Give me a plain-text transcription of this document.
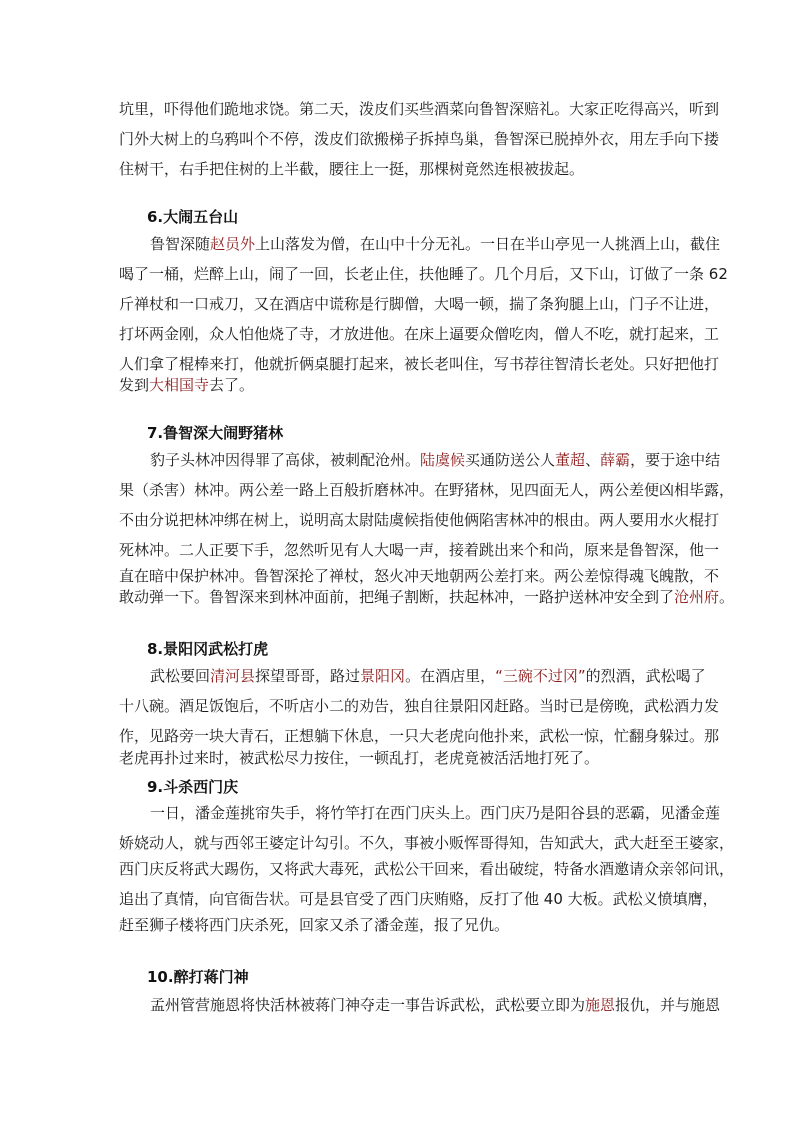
坑里，吓得他们跪地求饶。第二天，泼皮们买些酒菜向鲁智深赔礼。大家正吃得高兴，听到
门外大树上的乌鸦叫个不停，泼皮们欲搬梯子拆掉鸟巢，鲁智深已脱掉外衣，用左手向下搂
住树干，右手把住树的上半截，腰往上一挺，那棵树竟然连根被拔起。
6.大闹五台山
鲁智深随赵员外上山落发为僧，在山中十分无礼。一日在半山亭见一人挑酒上山，截住
喝了一桶，烂醉上山，闹了一回，长老止住，扶他睡了。几个月后，又下山，订做了一条 62
斤禅杖和一口戒刀，又在酒店中谎称是行脚僧，大喝一顿，揣了条狗腿上山，门子不让进，
打坏两金刚，众人怕他烧了寺，才放进他。在床上逼要众僧吃肉，僧人不吃，就打起来，工
人们拿了棍棒来打，他就折俩桌腿打起来，被长老叫住，写书荐往智清长老处。只好把他打
发到大相国寺去了。
7.鲁智深大闹野猪林
豹子头林冲因得罪了高俅，被刺配沧州。陆虞候买通防送公人董超、薛霸，要于途中结
果（杀害）林冲。两公差一路上百般折磨林冲。在野猪林，见四面无人，两公差便凶相毕露，
不由分说把林冲绑在树上，说明高太尉陆虞候指使他俩陷害林冲的根由。两人要用水火棍打
死林冲。二人正要下手，忽然听见有人大喝一声，接着跳出来个和尚，原来是鲁智深，他一
直在暗中保护林冲。鲁智深抡了禅杖，怒火冲天地朝两公差打来。两公差惊得魂飞魄散，不
敢动弹一下。鲁智深来到林冲面前，把绳子割断，扶起林冲，一路护送林冲安全到了沧州府。
8.景阳冈武松打虎
武松要回清河县探望哥哥，路过景阳冈。在酒店里，“三碗不过冈”的烈酒，武松喝了
十八碗。酒足饭饱后，不听店小二的劝告，独自往景阳冈赶路。当时已是傍晚，武松酒力发
作，见路旁一块大青石，正想躺下休息，一只大老虎向他扑来，武松一惊，忙翻身躲过。那
老虎再扑过来时，被武松尽力按住，一顿乱打，老虎竟被活活地打死了。
9.斗杀西门庆
一日，潘金莲挑帘失手，将竹竿打在西门庆头上。西门庆乃是阳谷县的恶霸，见潘金莲
娇娆动人，就与西邻王婆定计勾引。不久，事被小贩恽哥得知，告知武大，武大赶至王婆家，
西门庆反将武大踢伤，又将武大毒死，武松公干回来，看出破绽，特备水酒邀请众亲邻问讯，
追出了真情，向官衙告状。可是县官受了西门庆贿赂，反打了他 40 大板。武松义愤填膺，
赶至狮子楼将西门庆杀死，回家又杀了潘金莲，报了兄仇。
10.醉打蒋门神
孟州管营施恩将快活林被蒋门神夺走一事告诉武松，武松要立即为施恩报仇，并与施恩
